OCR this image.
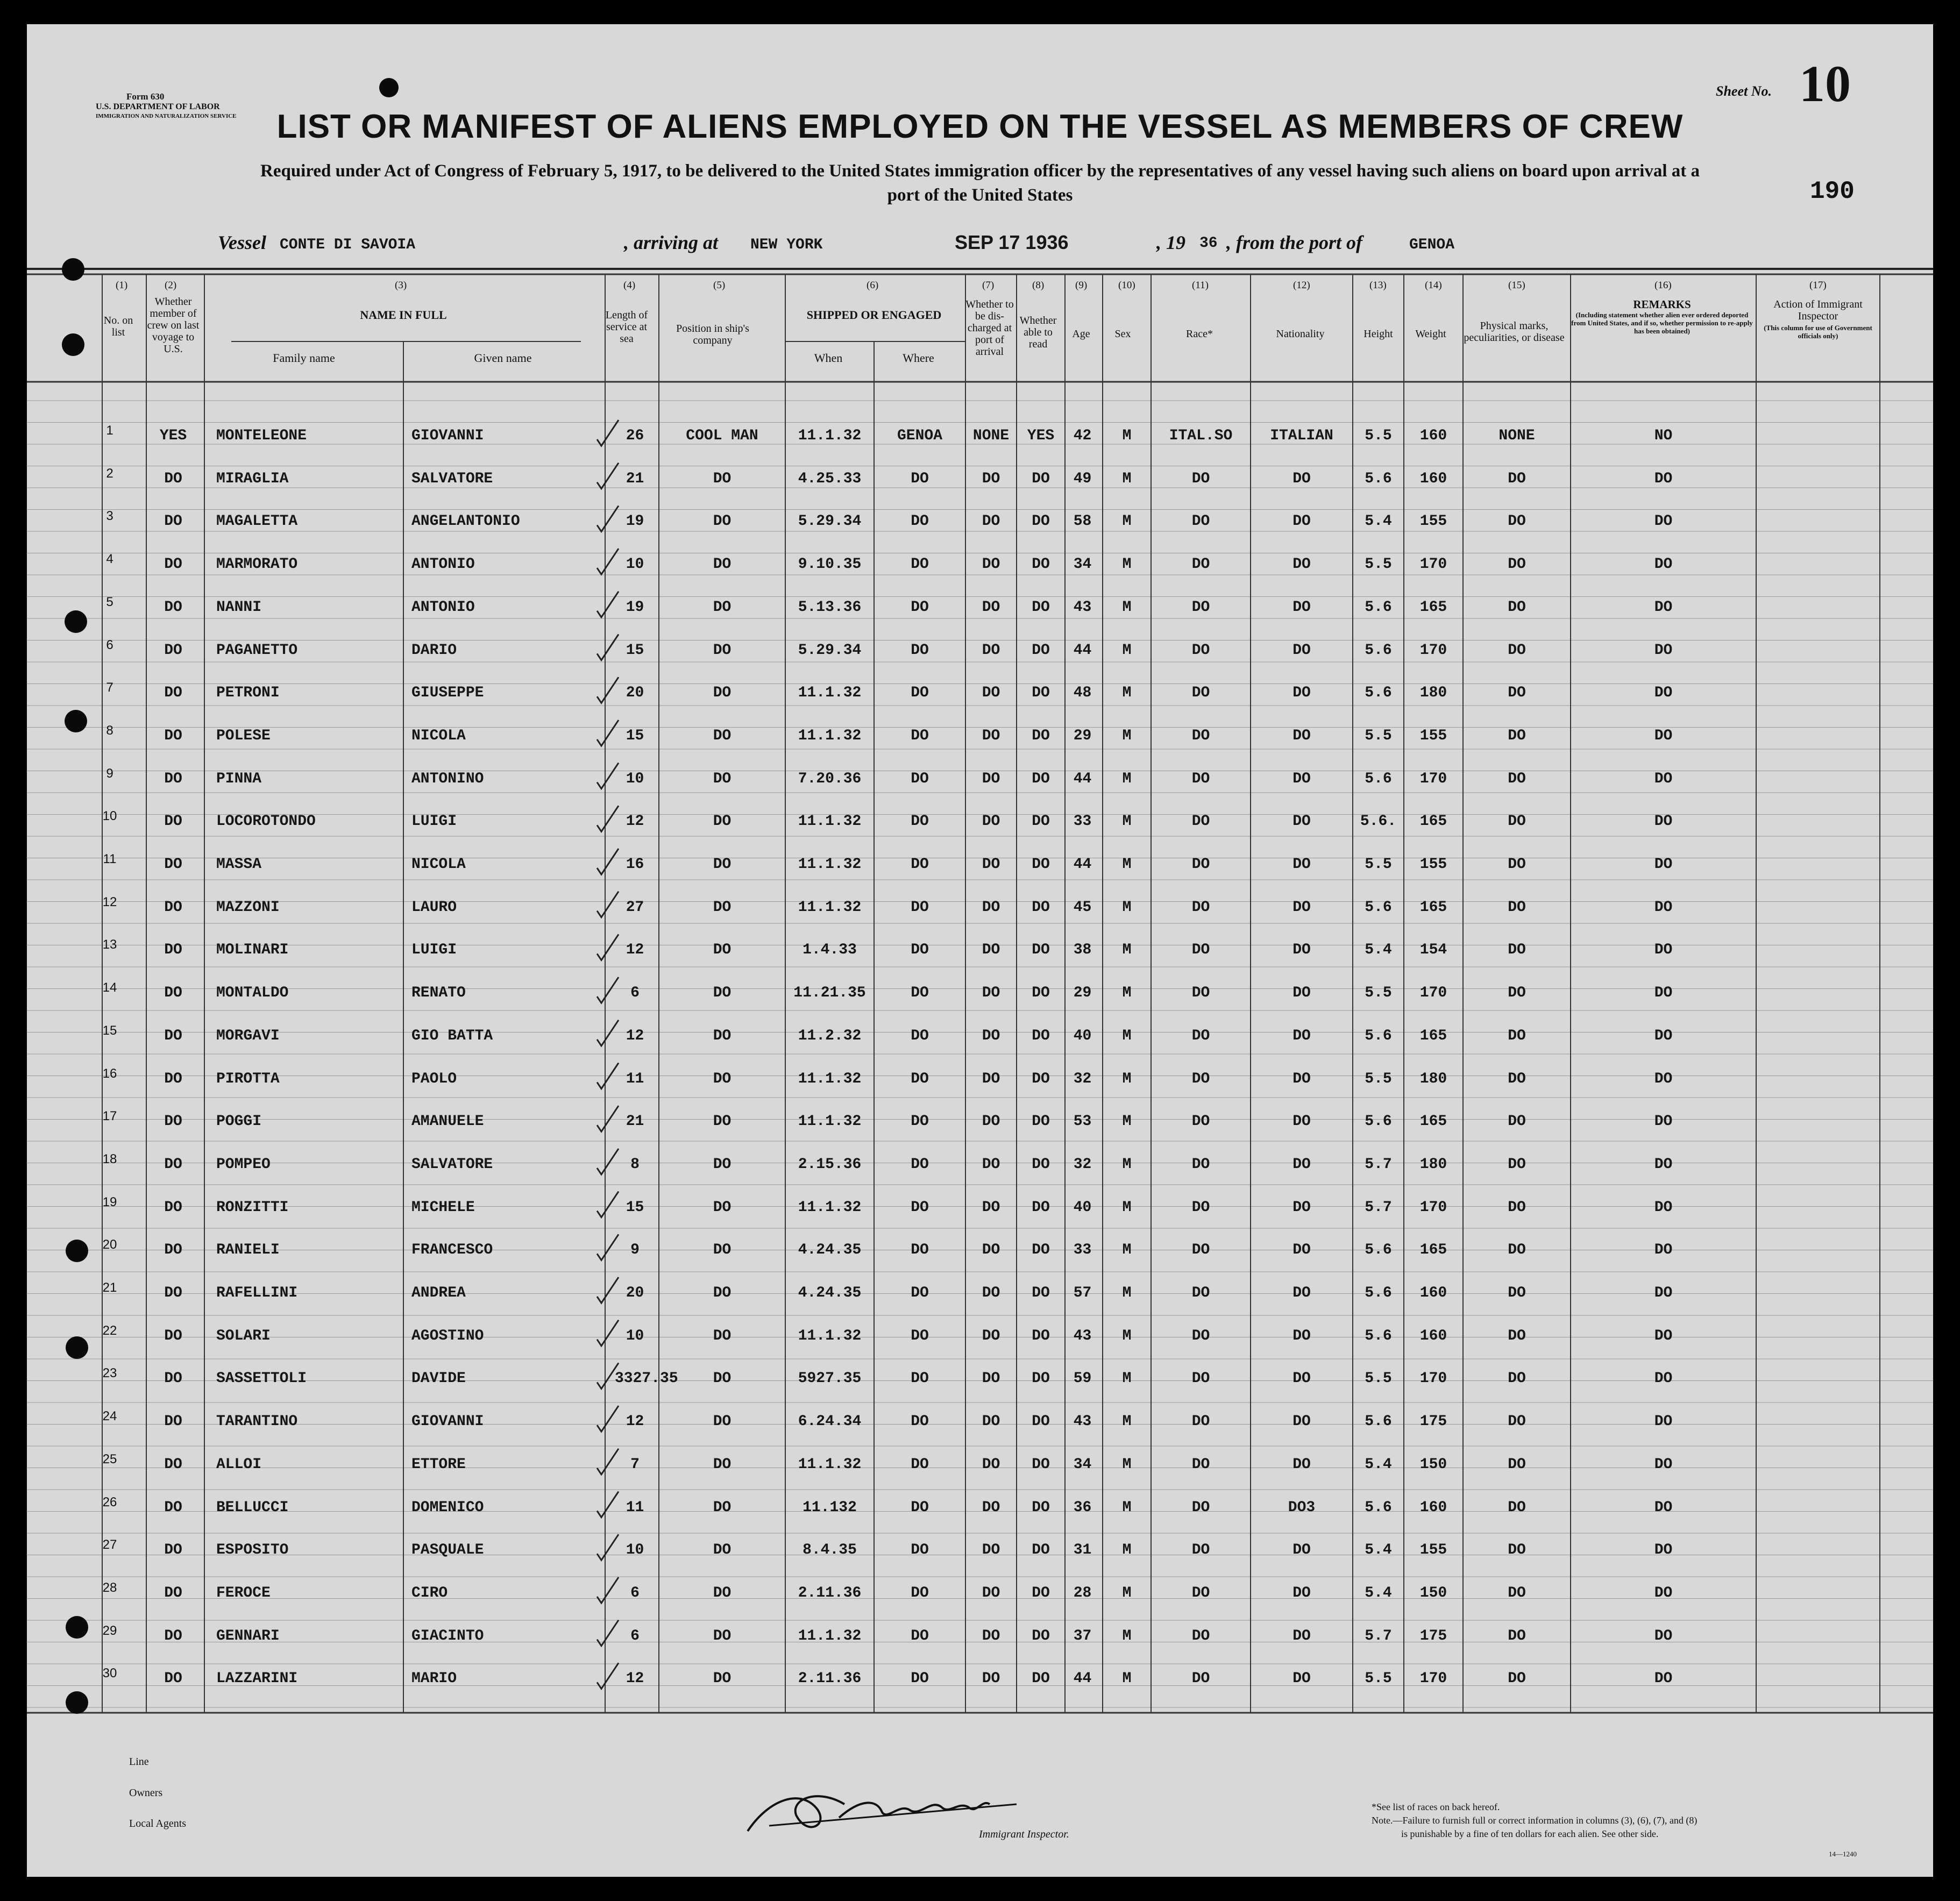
Form 630
U.S. DEPARTMENT OF LABOR
IMMIGRATION AND NATURALIZATION SERVICE
Sheet No. 10
190
LIST OR MANIFEST OF ALIENS EMPLOYED ON THE VESSEL AS MEMBERS OF CREW
Required under Act of Congress of February 5, 1917, to be delivered to the United States immigration officer by the representatives of any vessel having such aliens on board upon arrival at a
port of the United States
Vessel CONTE DI SAVOIA	, arriving at NEW YORK	SEP 17 1936	, 19 36 , from the port of	GENOA
(1)	(2)	(3)	(4)	(5)	(6)	(7)	(8)	(9)	(10)	(11)	(12)	(13)	(14)	(15)	(16)	(17)
No. on list
Whether member of crew on last voyage to U.S.
NAME IN FULL
Family name	Given name
Length of service at sea
Position in ship's company
SHIPPED OR ENGAGED
When	Where
Whether to be dis-charged at port of arrival
Whether able to read
Age	Sex	Race*	Nationality	Height	Weight
Physical marks, peculiarities, or disease
REMARKS
(Including statement whether alien ever ordered deported from United States, and if so, whether permission to re-apply has been obtained)
Action of Immigrant Inspector
(This column for use of Government officials only)
1	YES	MONTELEONE	GIOVANNI	26	COOL MAN	11.1.32	GENOA	NONE	YES	42	M	ITAL.SO	ITALIAN	5.5	160	NONE	NO
2	DO	MIRAGLIA	SALVATORE	21	DO	4.25.33	DO	DO	DO	49	M	DO	DO	5.6	160	DO	DO
3	DO	MAGALETTA	ANGELANTONIO	19	DO	5.29.34	DO	DO	DO	58	M	DO	DO	5.4	155	DO	DO
4	DO	MARMORATO	ANTONIO	10	DO	9.10.35	DO	DO	DO	34	M	DO	DO	5.5	170	DO	DO
5	DO	NANNI	ANTONIO	19	DO	5.13.36	DO	DO	DO	43	M	DO	DO	5.6	165	DO	DO
6	DO	PAGANETTO	DARIO	15	DO	5.29.34	DO	DO	DO	44	M	DO	DO	5.6	170	DO	DO
7	DO	PETRONI	GIUSEPPE	20	DO	11.1.32	DO	DO	DO	48	M	DO	DO	5.6	180	DO	DO
8	DO	POLESE	NICOLA	15	DO	11.1.32	DO	DO	DO	29	M	DO	DO	5.5	155	DO	DO
9	DO	PINNA	ANTONINO	10	DO	7.20.36	DO	DO	DO	44	M	DO	DO	5.6	170	DO	DO
10	DO	LOCOROTONDO	LUIGI	12	DO	11.1.32	DO	DO	DO	33	M	DO	DO	5.6.	165	DO	DO
11	DO	MASSA	NICOLA	16	DO	11.1.32	DO	DO	DO	44	M	DO	DO	5.5	155	DO	DO
12	DO	MAZZONI	LAURO	27	DO	11.1.32	DO	DO	DO	45	M	DO	DO	5.6	165	DO	DO
13	DO	MOLINARI	LUIGI	12	DO	1.4.33	DO	DO	DO	38	M	DO	DO	5.4	154	DO	DO
14	DO	MONTALDO	RENATO	6	DO	11.21.35	DO	DO	DO	29	M	DO	DO	5.5	170	DO	DO
15	DO	MORGAVI	GIO BATTA	12	DO	11.2.32	DO	DO	DO	40	M	DO	DO	5.6	165	DO	DO
16	DO	PIROTTA	PAOLO	11	DO	11.1.32	DO	DO	DO	32	M	DO	DO	5.5	180	DO	DO
17	DO	POGGI	AMANUELE	21	DO	11.1.32	DO	DO	DO	53	M	DO	DO	5.6	165	DO	DO
18	DO	POMPEO	SALVATORE	8	DO	2.15.36	DO	DO	DO	32	M	DO	DO	5.7	180	DO	DO
19	DO	RONZITTI	MICHELE	15	DO	11.1.32	DO	DO	DO	40	M	DO	DO	5.7	170	DO	DO
20	DO	RANIELI	FRANCESCO	9	DO	4.24.35	DO	DO	DO	33	M	DO	DO	5.6	165	DO	DO
21	DO	RAFELLINI	ANDREA	20	DO	4.24.35	DO	DO	DO	57	M	DO	DO	5.6	160	DO	DO
22	DO	SOLARI	AGOSTINO	10	DO	11.1.32	DO	DO	DO	43	M	DO	DO	5.6	160	DO	DO
23	DO	SASSETTOLI	DAVIDE	3327.35	DO	5927.35	DO	DO	DO	59	M	DO	DO	5.5	170	DO	DO
24	DO	TARANTINO	GIOVANNI	12	DO	6.24.34	DO	DO	DO	43	M	DO	DO	5.6	175	DO	DO
25	DO	ALLOI	ETTORE	7	DO	11.1.32	DO	DO	DO	34	M	DO	DO	5.4	150	DO	DO
26	DO	BELLUCCI	DOMENICO	11	DO	11.132	DO	DO	DO	36	M	DO	DO3	5.6	160	DO	DO
27	DO	ESPOSITO	PASQUALE	10	DO	8.4.35	DO	DO	DO	31	M	DO	DO	5.4	155	DO	DO
28	DO	FEROCE	CIRO	6	DO	2.11.36	DO	DO	DO	28	M	DO	DO	5.4	150	DO	DO
29	DO	GENNARI	GIACINTO	6	DO	11.1.32	DO	DO	DO	37	M	DO	DO	5.7	175	DO	DO
30	DO	LAZZARINI	MARIO	12	DO	2.11.36	DO	DO	DO	44	M	DO	DO	5.5	170	DO	DO
Line
Owners
Local Agents
Immigrant Inspector.
*See list of races on back hereof.
Note.—Failure to furnish full or correct information in columns (3), (6), (7), and (8)
is punishable by a fine of ten dollars for each alien. See other side.
14—1240
